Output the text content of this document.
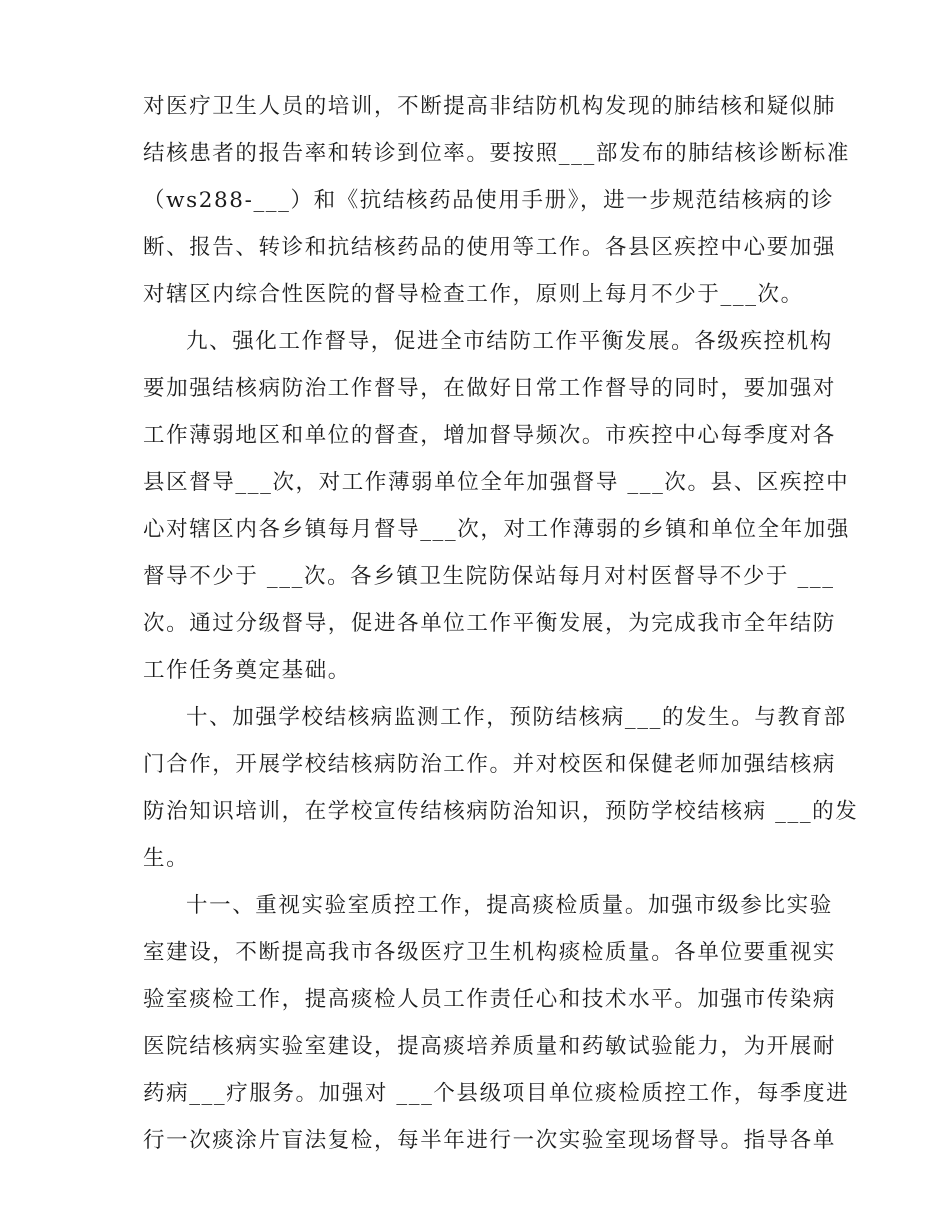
对医疗卫生人员的培训，不断提高非结防机构发现的肺结核和疑似肺
结核患者的报告率和转诊到位率。要按照___部发布的肺结核诊断标准
（ws288-___）和《抗结核药品使用手册》，进一步规范结核病的诊
断、报告、转诊和抗结核药品的使用等工作。各县区疾控中心要加强
对辖区内综合性医院的督导检查工作，原则上每月不少于___次。
九、强化工作督导，促进全市结防工作平衡发展。各级疾控机构
要加强结核病防治工作督导，在做好日常工作督导的同时，要加强对
工作薄弱地区和单位的督查，增加督导频次。市疾控中心每季度对各
县区督导___次，对工作薄弱单位全年加强督导 ___次。县、区疾控中
心对辖区内各乡镇每月督导___次，对工作薄弱的乡镇和单位全年加强
督导不少于 ___次。各乡镇卫生院防保站每月对村医督导不少于 ___
次。通过分级督导，促进各单位工作平衡发展，为完成我市全年结防
工作任务奠定基础。
十、加强学校结核病监测工作，预防结核病___的发生。与教育部
门合作，开展学校结核病防治工作。并对校医和保健老师加强结核病
防治知识培训，在学校宣传结核病防治知识，预防学校结核病 ___的发
生。
十一、重视实验室质控工作，提高痰检质量。加强市级参比实验
室建设，不断提高我市各级医疗卫生机构痰检质量。各单位要重视实
验室痰检工作，提高痰检人员工作责任心和技术水平。加强市传染病
医院结核病实验室建设，提高痰培养质量和药敏试验能力，为开展耐
药病___疗服务。加强对 ___个县级项目单位痰检质控工作，每季度进
行一次痰涂片盲法复检，每半年进行一次实验室现场督导。指导各单
